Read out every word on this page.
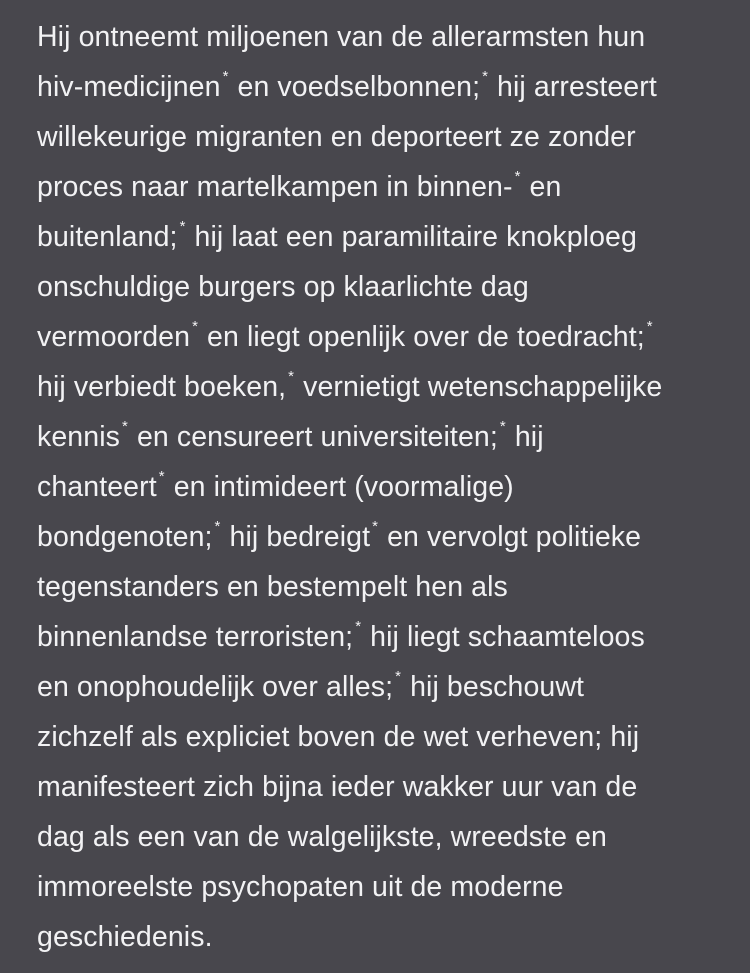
Hij ontneemt miljoenen van de allerarmsten hun
hiv-medicijnen * en voedselbonnen; * hij arresteert
willekeurige migranten en deporteert ze zonder
proces naar martelkampen in binnen- * en
buitenland; * hij laat een paramilitaire knokploeg
onschuldige burgers op klaarlichte dag
vermoorden * en liegt openlijk over de toedracht; *
hij verbiedt boeken, * vernietigt wetenschappelijke
kennis * en censureert universiteiten; * hij
chanteert * en intimideert (voormalige)
bondgenoten; * hij bedreigt * en vervolgt politieke
tegenstanders en bestempelt hen als
binnenlandse terroristen; * hij liegt schaamteloos
en onophoudelijk over alles; * hij beschouwt
zichzelf als expliciet boven de wet verheven; hij
manifesteert zich bijna ieder wakker uur van de
dag als een van de walgelijkste, wreedste en
immoreelste psychopaten uit de moderne
geschiedenis.
